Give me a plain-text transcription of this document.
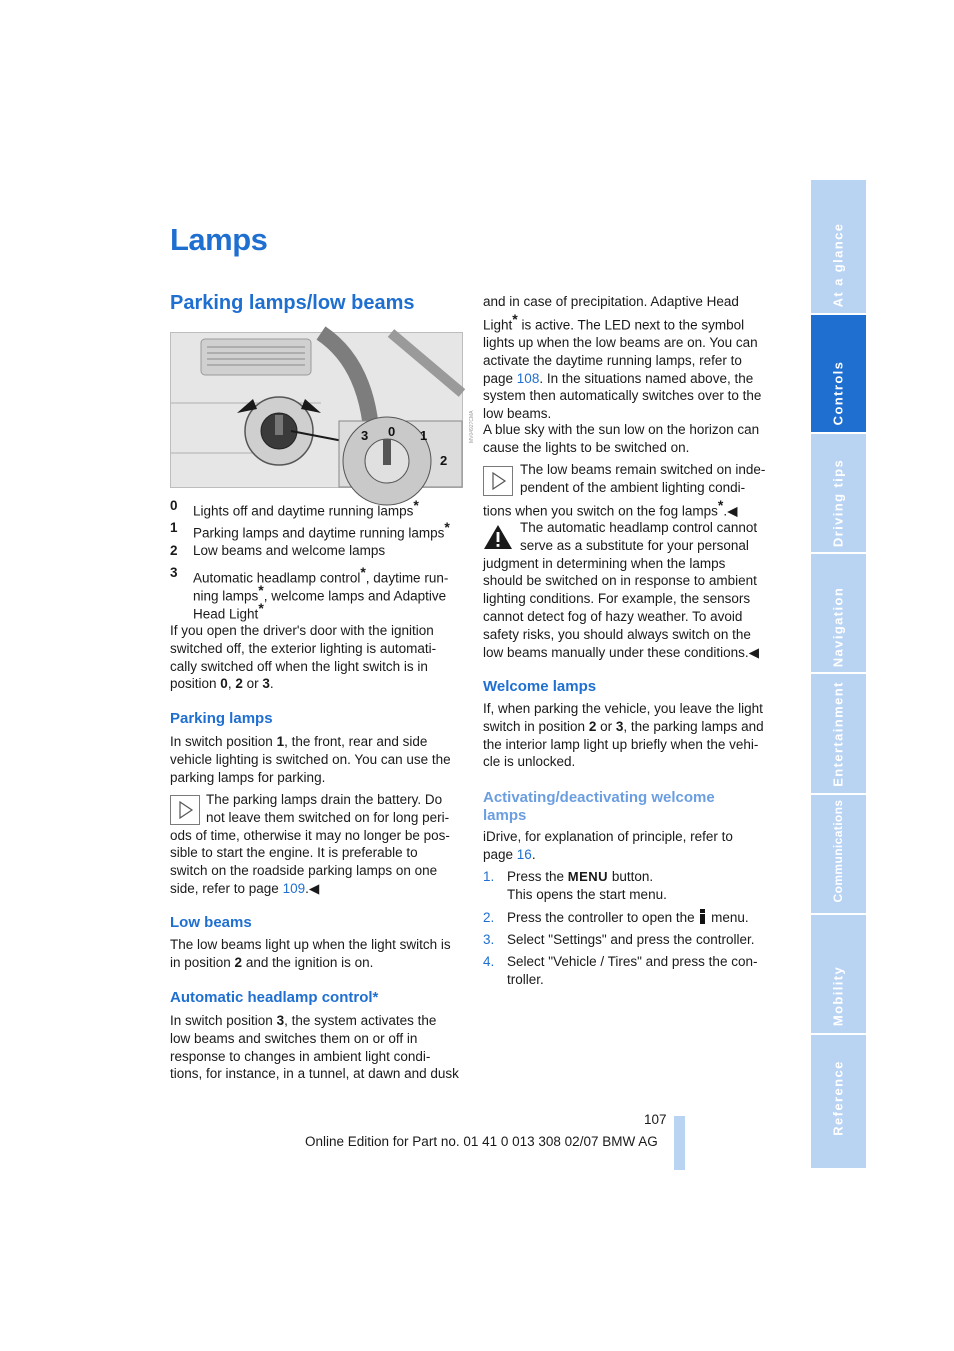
Lamps
Parking lamps/low beams
3 0 1
2
MV04927CMA
0 Lights off and daytime running lamps*
1 Parking lamps and daytime running lamps*
2 Low beams and welcome lamps
3 Automatic headlamp control*, daytime run-
ning lamps*, welcome lamps and Adaptive
Head Light*
If you open the driver's door with the ignition
switched off, the exterior lighting is automati-
cally switched off when the light switch is in
position 0, 2 or 3.
Parking lamps
In switch position 1, the front, rear and side
vehicle lighting is switched on. You can use the
parking lamps for parking.
The parking lamps drain the battery. Do
not leave them switched on for long peri-
ods of time, otherwise it may no longer be pos-
sible to start the engine. It is preferable to
switch on the roadside parking lamps on one
side, refer to page 109.◀
Low beams
The low beams light up when the light switch is
in position 2 and the ignition is on.
Automatic headlamp control*
In switch position 3, the system activates the
low beams and switches them on or off in
response to changes in ambient light condi-
tions, for instance, in a tunnel, at dawn and dusk
and in case of precipitation. Adaptive Head
Light* is active. The LED next to the symbol
lights up when the low beams are on. You can
activate the daytime running lamps, refer to
page 108. In the situations named above, the
system then automatically switches over to the
low beams.
A blue sky with the sun low on the horizon can
cause the lights to be switched on.
The low beams remain switched on inde-
pendent of the ambient lighting condi-
tions when you switch on the fog lamps*.◀
The automatic headlamp control cannot
serve as a substitute for your personal
judgment in determining when the lamps
should be switched on in response to ambient
lighting conditions. For example, the sensors
cannot detect fog of hazy weather. To avoid
safety risks, you should always switch on the
low beams manually under these conditions.◀
Welcome lamps
If, when parking the vehicle, you leave the light
switch in position 2 or 3, the parking lamps and
the interior lamp light up briefly when the vehi-
cle is unlocked.
Activating/deactivating welcome
lamps
iDrive, for explanation of principle, refer to
page 16.
1. Press the MENU button.
This opens the start menu.
2. Press the controller to open the  menu.
3. Select "Settings" and press the controller.
4. Select "Vehicle / Tires" and press the con-
troller.
107
Online Edition for Part no. 01 41 0 013 308 02/07 BMW AG
At a glance
Controls
Driving tips
Navigation
Entertainment
Communications
Mobility
Reference
